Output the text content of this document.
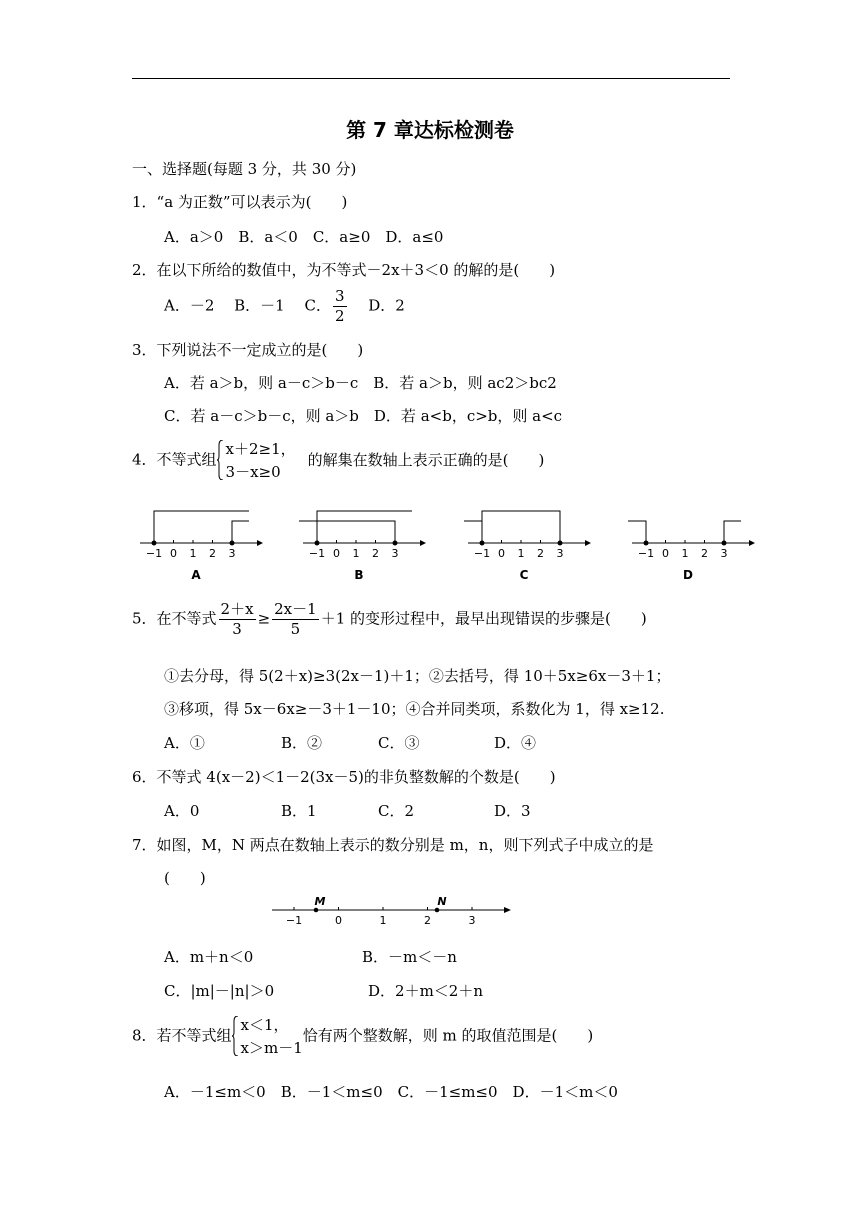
第 7 章达标检测卷
一、选择题(每题 3 分，共 30 分)
1．“a 为正数”可以表示为(　　)
A．a＞0　B．a＜0　C．a≥0　D．a≤0
2．在以下所给的数值中，为不等式－2x＋3＜0 的解的是(　　)
A．－2　 B．－1　 C． $\frac{3}{2}$ 　 D．2
3．下列说法不一定成立的是(　　)
A．若 a＞b，则 a－c＞b－c　B．若 a＞b，则 ac2＞bc2
C．若 a－c＞b－c，则 a＞b　D．若 a<b，c>b，则 a<c
4．不等式组
x＋2≥1，
3－x≥0
的解集在数轴上表示正确的是(　　)
−1 0 1 2 3
A
−1 0 1 2 3
B
−1 0 1 2 3
C
−1 0 1 2 3
D
5．在不等式 $\frac{2+x}{3} \ge \frac{2x-1}{5} +1$ 的变形过程中，最早出现错误的步骤是(　　)
①去分母，得 5(2＋x)≥3(2x－1)＋1；②去括号，得 10＋5x≥6x－3＋1；
③移项，得 5x－6x≥－3＋1－10；④合并同类项，系数化为 1，得 x≥12.
A．①	B．②	C．③	D．④
6．不等式 4(x－2)＜1－2(3x－5)的非负整数解的个数是(　　)
A．0	B．1	C．2	D．3
7．如图，M，N 两点在数轴上表示的数分别是 m，n，则下列式子中成立的是
(　　)
−1	0	1	2	3
M	N
A．m＋n＜0	B．－m＜－n
C．|m|－|n|＞0	D．2＋m＜2＋n
8．若不等式组
x＜1，
x＞m－1
恰有两个整数解，则 m 的取值范围是(　　)
A．－1≤m＜0　B．－1＜m≤0　C．－1≤m≤0　D．－1＜m＜0
